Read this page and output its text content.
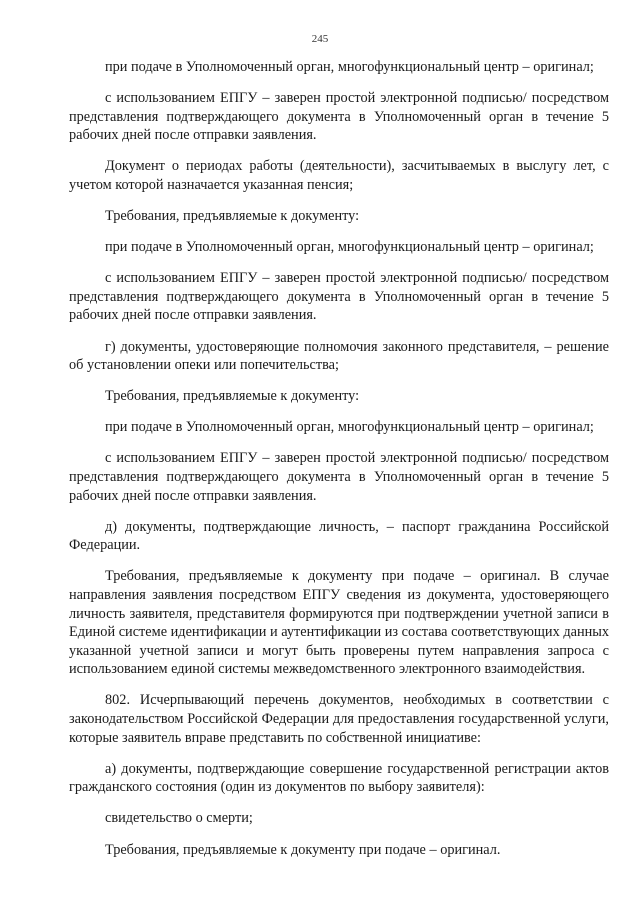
245

при подаче в Уполномоченный орган, многофункциональный центр – оригинал;

с использованием ЕПГУ – заверен простой электронной подписью/ посредством представления подтверждающего документа в Уполномоченный орган в течение 5 рабочих дней после отправки заявления.

Документ о периодах работы (деятельности), засчитываемых в выслугу лет, с учетом которой назначается указанная пенсия;

Требования, предъявляемые к документу:

при подаче в Уполномоченный орган, многофункциональный центр – оригинал;

с использованием ЕПГУ – заверен простой электронной подписью/ посредством представления подтверждающего документа в Уполномоченный орган в течение 5 рабочих дней после отправки заявления.

г) документы, удостоверяющие полномочия законного представителя, – решение об установлении опеки или попечительства;

Требования, предъявляемые к документу:

при подаче в Уполномоченный орган, многофункциональный центр – оригинал;

с использованием ЕПГУ – заверен простой электронной подписью/ посредством представления подтверждающего документа в Уполномоченный орган в течение 5 рабочих дней после отправки заявления.

д) документы, подтверждающие личность, – паспорт гражданина Российской Федерации.

Требования, предъявляемые к документу при подаче – оригинал. В случае направления заявления посредством ЕПГУ сведения из документа, удостоверяющего личность заявителя, представителя формируются при подтверждении учетной записи в Единой системе идентификации и аутентификации из состава соответствующих данных указанной учетной записи и могут быть проверены путем направления запроса с использованием единой системы межведомственного электронного взаимодействия.

802. Исчерпывающий перечень документов, необходимых в соответствии с законодательством Российской Федерации для предоставления государственной услуги, которые заявитель вправе представить по собственной инициативе:

а) документы, подтверждающие совершение государственной регистрации актов гражданского состояния (один из документов по выбору заявителя):

свидетельство о смерти;

Требования, предъявляемые к документу при подаче – оригинал.
